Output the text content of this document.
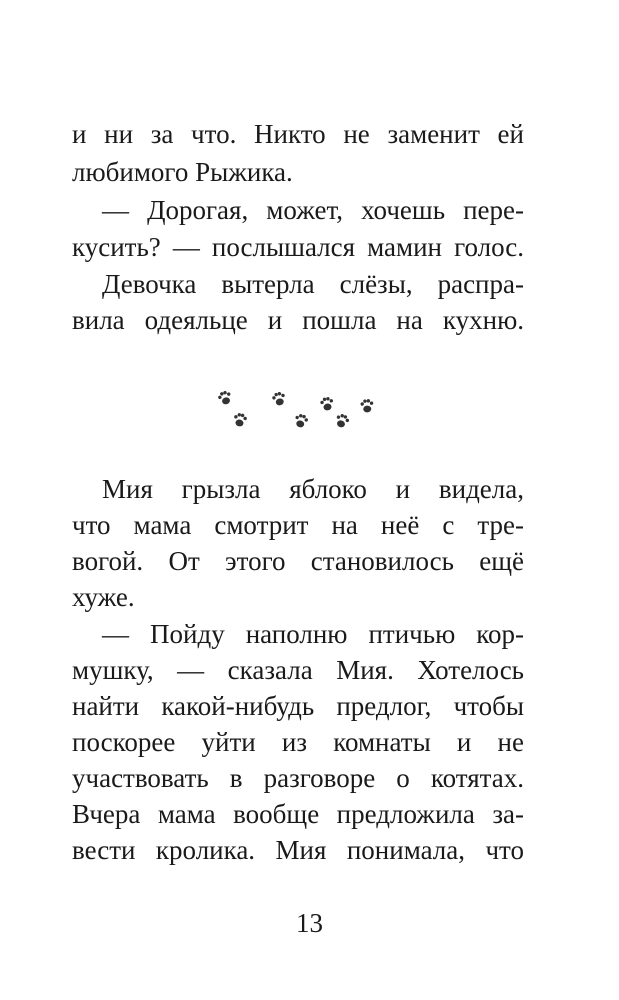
и ни за что. Никто не заменит ей
любимого Рыжика.
— Дорогая, может, хочешь пере-
кусить? — послышался мамин голос.
Девочка вытерла слёзы, распра-
вила одеяльце и пошла на кухню.
Мия грызла яблоко и видела,
что мама смотрит на неё с тре-
вогой. От этого становилось ещё
хуже.
— Пойду наполню птичью кор-
мушку, — сказала Мия. Хотелось
найти какой-нибудь предлог, чтобы
поскорее уйти из комнаты и не
участвовать в разговоре о котятах.
Вчера мама вообще предложила за-
вести кролика. Мия понимала, что
13
